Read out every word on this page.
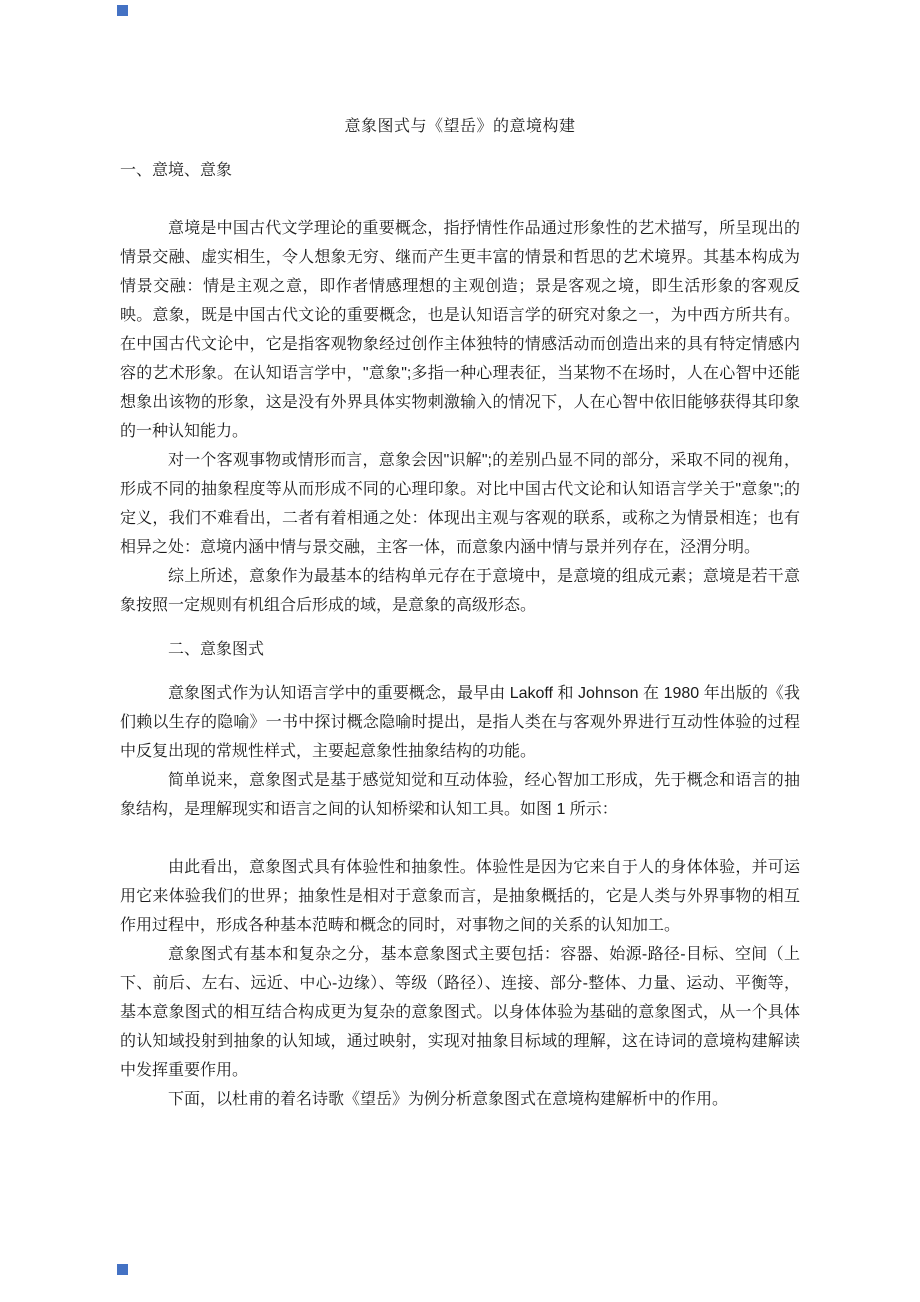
意象图式与《望岳》的意境构建

一、意境、意象

意境是中国古代文学理论的重要概念，指抒情性作品通过形象性的艺术描写，所呈现出的情景交融、虚实相生，令人想象无穷、继而产生更丰富的情景和哲思的艺术境界。其基本构成为情景交融：情是主观之意，即作者情感理想的主观创造；景是客观之境，即生活形象的客观反映。意象，既是中国古代文论的重要概念，也是认知语言学的研究对象之一，为中西方所共有。在中国古代文论中，它是指客观物象经过创作主体独特的情感活动而创造出来的具有特定情感内容的艺术形象。在认知语言学中，"意象";多指一种心理表征，当某物不在场时，人在心智中还能想象出该物的形象，这是没有外界具体实物刺激输入的情况下，人在心智中依旧能够获得其印象的一种认知能力。

对一个客观事物或情形而言，意象会因"识解";的差别凸显不同的部分，采取不同的视角，形成不同的抽象程度等从而形成不同的心理印象。对比中国古代文论和认知语言学关于"意象";的定义，我们不难看出，二者有着相通之处：体现出主观与客观的联系，或称之为情景相连；也有相异之处：意境内涵中情与景交融，主客一体，而意象内涵中情与景并列存在，泾渭分明。

综上所述，意象作为最基本的结构单元存在于意境中，是意境的组成元素；意境是若干意象按照一定规则有机组合后形成的域，是意象的高级形态。

二、意象图式

意象图式作为认知语言学中的重要概念，最早由 Lakoff 和 Johnson 在 1980 年出版的《我们赖以生存的隐喻》一书中探讨概念隐喻时提出，是指人类在与客观外界进行互动性体验的过程中反复出现的常规性样式，主要起意象性抽象结构的功能。

简单说来，意象图式是基于感觉知觉和互动体验，经心智加工形成，先于概念和语言的抽象结构，是理解现实和语言之间的认知桥梁和认知工具。如图 1 所示：

由此看出，意象图式具有体验性和抽象性。体验性是因为它来自于人的身体体验，并可运用它来体验我们的世界；抽象性是相对于意象而言，是抽象概括的，它是人类与外界事物的相互作用过程中，形成各种基本范畴和概念的同时，对事物之间的关系的认知加工。

意象图式有基本和复杂之分，基本意象图式主要包括：容器、始源-路径-目标、空间（上下、前后、左右、远近、中心-边缘）、等级（路径）、连接、部分-整体、力量、运动、平衡等，基本意象图式的相互结合构成更为复杂的意象图式。以身体体验为基础的意象图式，从一个具体的认知域投射到抽象的认知域，通过映射，实现对抽象目标域的理解，这在诗词的意境构建解读中发挥重要作用。

下面，以杜甫的着名诗歌《望岳》为例分析意象图式在意境构建解析中的作用。
